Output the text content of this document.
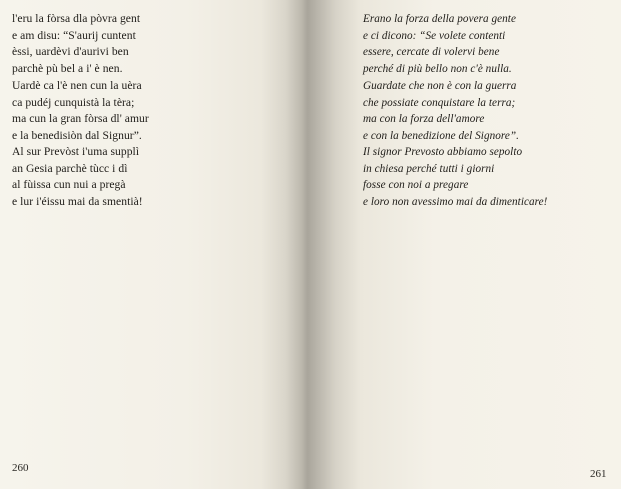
l'eru la fòrsa dla pòvra gent
e am disu: “S'aurij cuntent
èssi, uardèvi d'aurivi ben
parchè pù bel a i' è nen.
Uardè ca l'è nen cun la uèra
ca pudéj cunquistà la tèra;
ma cun la gran fòrsa dl' amur
e la benedisiòn dal Signur”.
Al sur Prevòst i'uma supplì
an Gesia parchè tùcc i dì
al fùissa cun nui a pregà
e lur i'éissu mai da smentià!
260
Erano la forza della povera gente
e ci dicono: “Se volete contenti
essere, cercate di volervi bene
perché di più bello non c'è nulla.
Guardate che non è con la guerra
che possiate conquistare la terra;
ma con la forza dell'amore
e con la benedizione del Signore”.
Il signor Prevosto abbiamo sepolto
in chiesa perché tutti i giorni
fosse con noi a pregare
e loro non avessimo mai da dimenticare!
261
